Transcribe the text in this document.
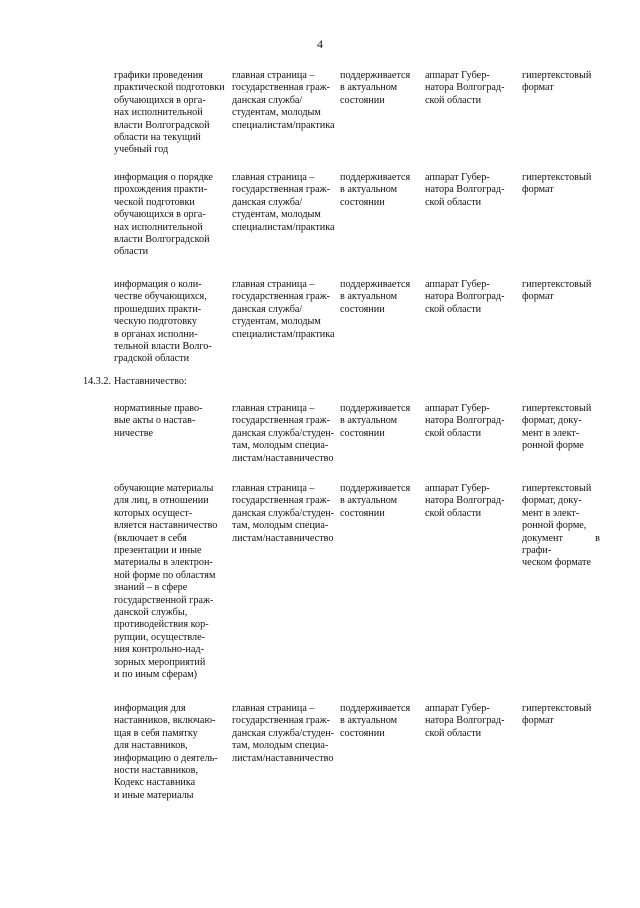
4
графики проведения
практической подготовки
обучающихся в орга-
нах исполнительной
власти Волгоградской
области на текущий
учебный год
главная страница –
государственная граж-
данская служба/
студентам, молодым
специалистам/практика
поддерживается
в актуальном
состоянии
аппарат Губер-
натора Волгоград-
ской области
гипертекстовый
формат
информация о порядке
прохождения практи-
ческой подготовки
обучающихся в орга-
нах исполнительной
власти Волгоградской
области
главная страница –
государственная граж-
данская служба/
студентам, молодым
специалистам/практика
поддерживается
в актуальном
состоянии
аппарат Губер-
натора Волгоград-
ской области
гипертекстовый
формат
информация о коли-
честве обучающихся,
прошедших практи-
ческую подготовку
в органах исполни-
тельной власти Волго-
градской области
главная страница –
государственная граж-
данская служба/
студентам, молодым
специалистам/практика
поддерживается
в актуальном
состоянии
аппарат Губер-
натора Волгоград-
ской области
гипертекстовый
формат
14.3.2. Наставничество:
нормативные право-
вые акты о настав-
ничестве
главная страница –
государственная граж-
данская служба/студен-
там, молодым специа-
листам/наставничество
поддерживается
в актуальном
состоянии
аппарат Губер-
натора Волгоград-
ской области
гипертекстовый
формат, доку-
мент в элект-
ронной форме
обучающие материалы
для лиц, в отношении
которых осущест-
вляется наставничество
(включает в себя
презентации и иные
материалы в электрон-
ной форме по областям
знаний – в сфере
государственной граж-
данской службы,
противодействия кор-
рупции, осуществле-
ния контрольно-над-
зорных мероприятий
и по иным сферам)
главная страница –
государственная граж-
данская служба/студен-
там, молодым специа-
листам/наставничество
поддерживается
в актуальном
состоянии
аппарат Губер-
натора Волгоград-
ской области
гипертекстовый
формат, доку-
мент в элект-
ронной форме,
документ в графи-
ческом формате
информация для
наставников, включаю-
щая в себя памятку
для наставников,
информацию о деятель-
ности наставников,
Кодекс наставника
и иные материалы
главная страница –
государственная граж-
данская служба/студен-
там, молодым специа-
листам/наставничество
поддерживается
в актуальном
состоянии
аппарат Губер-
натора Волгоград-
ской области
гипертекстовый
формат
